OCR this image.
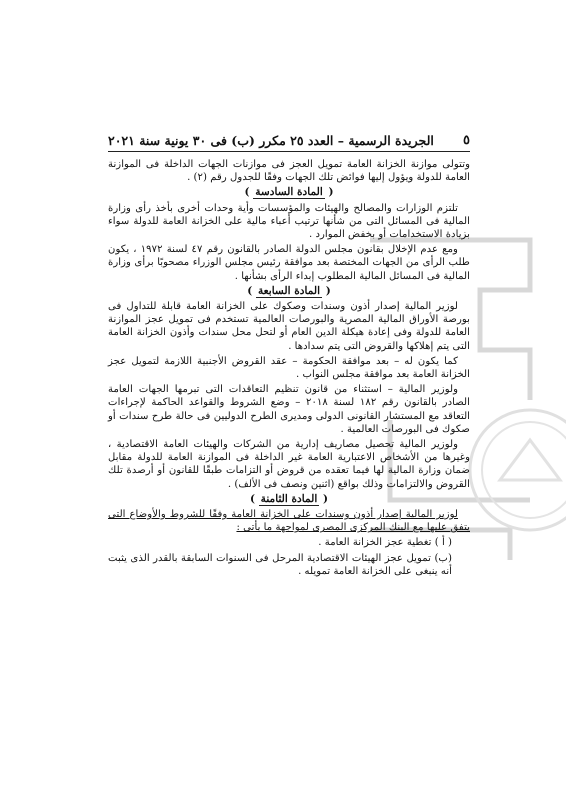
٥
الجريدة الرسمية – العدد ٢٥ مكرر (ب) فى ٣٠ يونية سنة ٢٠٢١

وتتولى موازنة الخزانة العامة تمويل العجز فى موازنات الجهات الداخلة فى الموازنة العامة للدولة ويؤول إليها فوائض تلك الجهات وفقًا للجدول رقم (٢) .

( المادة السادسة )

تلتزم الوزارات والمصالح والهيئات والمؤسسات وأية وحدات أخرى بأخذ رأى وزارة المالية فى المسائل التى من شأنها ترتيب أعباء مالية على الخزانة العامة للدولة سواء بزيادة الاستخدامات أو بخفض الموارد .

ومع عدم الإخلال بقانون مجلس الدولة الصادر بالقانون رقم ٤٧ لسنة ١٩٧٢ ، يكون طلب الرأى من الجهات المختصة بعد موافقة رئيس مجلس الوزراء مصحوبًا برأى وزارة المالية فى المسائل المالية المطلوب إبداء الرأى بشأنها .

( المادة السابعة )

لوزير المالية إصدار أذون وسندات وصكوك على الخزانة العامة قابلة للتداول فى بورصة الأوراق المالية المصرية والبورصات العالمية تستخدم فى تمويل عجز الموازنة العامة للدولة وفى إعادة هيكلة الدين العام أو لتحل محل سندات وأذون الخزانة العامة التى يتم إهلاكها والقروض التى يتم سدادها .

كما يكون له – بعد موافقة الحكومة – عقد القروض الأجنبية اللازمة لتمويل عجز الخزانة العامة بعد موافقة مجلس النواب .

ولوزير المالية – استثناء من قانون تنظيم التعاقدات التى تبرمها الجهات العامة الصادر بالقانون رقم ١٨٢ لسنة ٢٠١٨ – وضع الشروط والقواعد الحاكمة لإجراءات التعاقد مع المستشار القانونى الدولى ومديرى الطرح الدوليين فى حالة طرح سندات أو صكوك فى البورصات العالمية .

ولوزير المالية تحصيل مصاريف إدارية من الشركات والهيئات العامة الاقتصادية ، وغيرها من الأشخاص الاعتبارية العامة غير الداخلة فى الموازنة العامة للدولة مقابل ضمان وزارة المالية لها فيما تعقده من قروض أو التزامات طبقًا للقانون أو أرصدة تلك القروض والالتزامات وذلك بواقع (اثنين ونصف فى الألف) .

( المادة الثامنة )

لوزير المالية إصدار أذون وسندات على الخزانة العامة وفقًا للشروط والأوضاع التى يتفق عليها مع البنك المركزى المصرى لمواجهة ما يأتى :

( أ ) تغطية عجز الخزانة العامة .

(ب) تمويل عجز الهيئات الاقتصادية المرحل فى السنوات السابقة بالقدر الذى يثبت أنه ينبغى على الخزانة العامة تمويله .
